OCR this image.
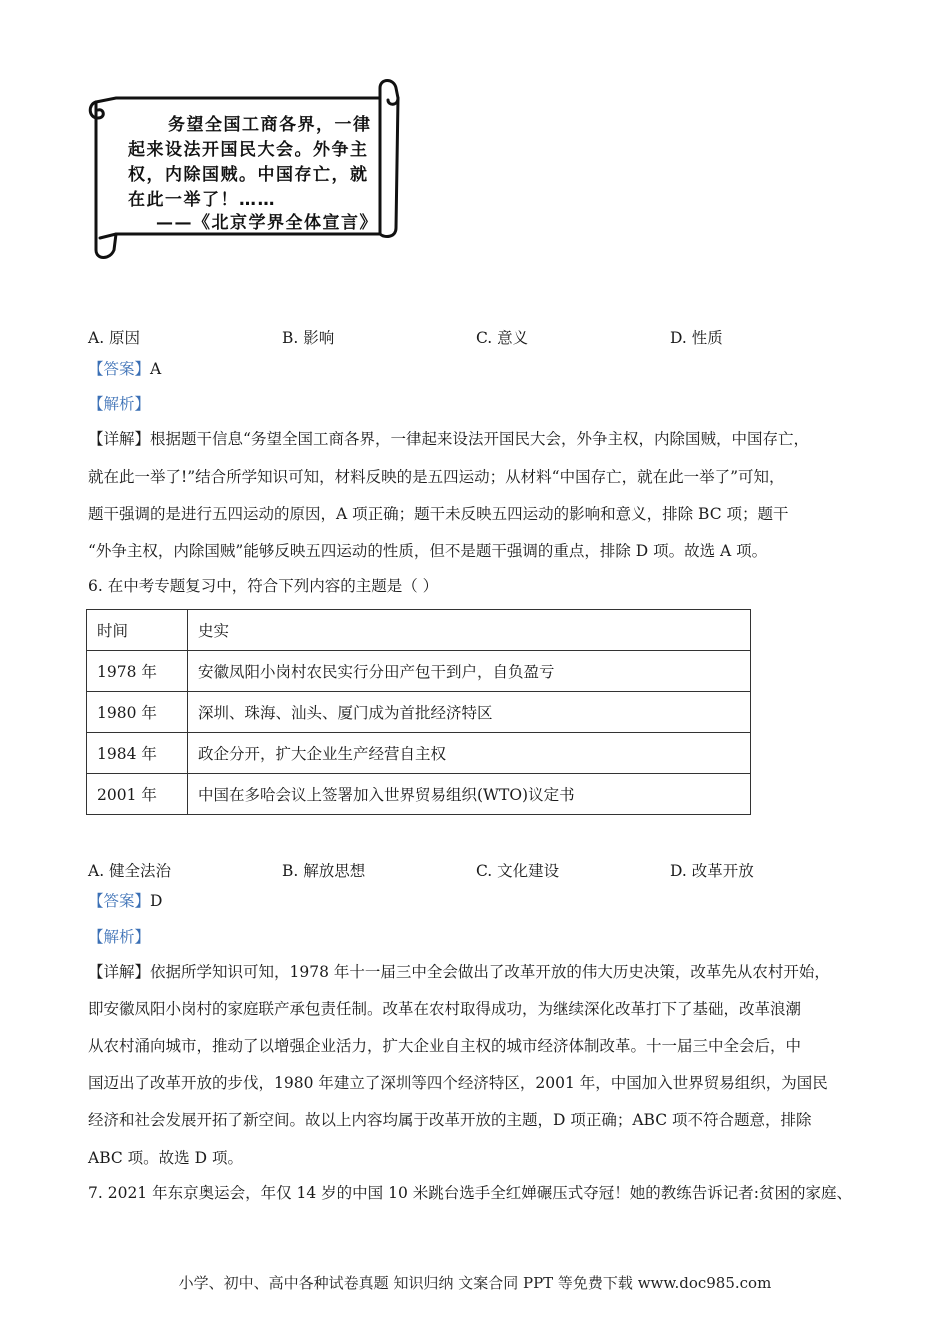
务望全国工商各界，一律
起来设法开国民大会。外争主
权，内除国贼。中国存亡，就
在此一举了！……
——《北京学界全体宣言》
A. 原因	B. 影响	C. 意义	D. 性质
【答案】A
【解析】
【详解】根据题干信息“务望全国工商各界，一律起来设法开国民大会，外争主权，内除国贼，中国存亡，
就在此一举了!”结合所学知识可知，材料反映的是五四运动；从材料“中国存亡，就在此一举了”可知，
题干强调的是进行五四运动的原因，A 项正确；题干未反映五四运动的影响和意义，排除 BC 项；题干
“外争主权，内除国贼”能够反映五四运动的性质，但不是题干强调的重点，排除 D 项。故选 A 项。
6. 在中考专题复习中，符合下列内容的主题是（ ）
时间	史实
1978 年	安徽凤阳小岗村农民实行分田产包干到户，自负盈亏
1980 年	深圳、珠海、汕头、厦门成为首批经济特区
1984 年	政企分开，扩大企业生产经营自主权
2001 年	中国在多哈会议上签署加入世界贸易组织(WTO)议定书
A. 健全法治	B. 解放思想	C. 文化建设	D. 改革开放
【答案】D
【解析】
【详解】依据所学知识可知，1978 年十一届三中全会做出了改革开放的伟大历史决策，改革先从农村开始，
即安徽凤阳小岗村的家庭联产承包责任制。改革在农村取得成功，为继续深化改革打下了基础，改革浪潮
从农村涌向城市，推动了以增强企业活力，扩大企业自主权的城市经济体制改革。十一届三中全会后，中
国迈出了改革开放的步伐，1980 年建立了深圳等四个经济特区，2001 年，中国加入世界贸易组织，为国民
经济和社会发展开拓了新空间。故以上内容均属于改革开放的主题，D 项正确；ABC 项不符合题意，排除
ABC 项。故选 D 项。
7. 2021 年东京奥运会，年仅 14 岁的中国 10 米跳台选手全红婵碾压式夺冠！她的教练告诉记者:贫困的家庭、
小学、初中、高中各种试卷真题 知识归纳 文案合同 PPT 等免费下载 www.doc985.com
